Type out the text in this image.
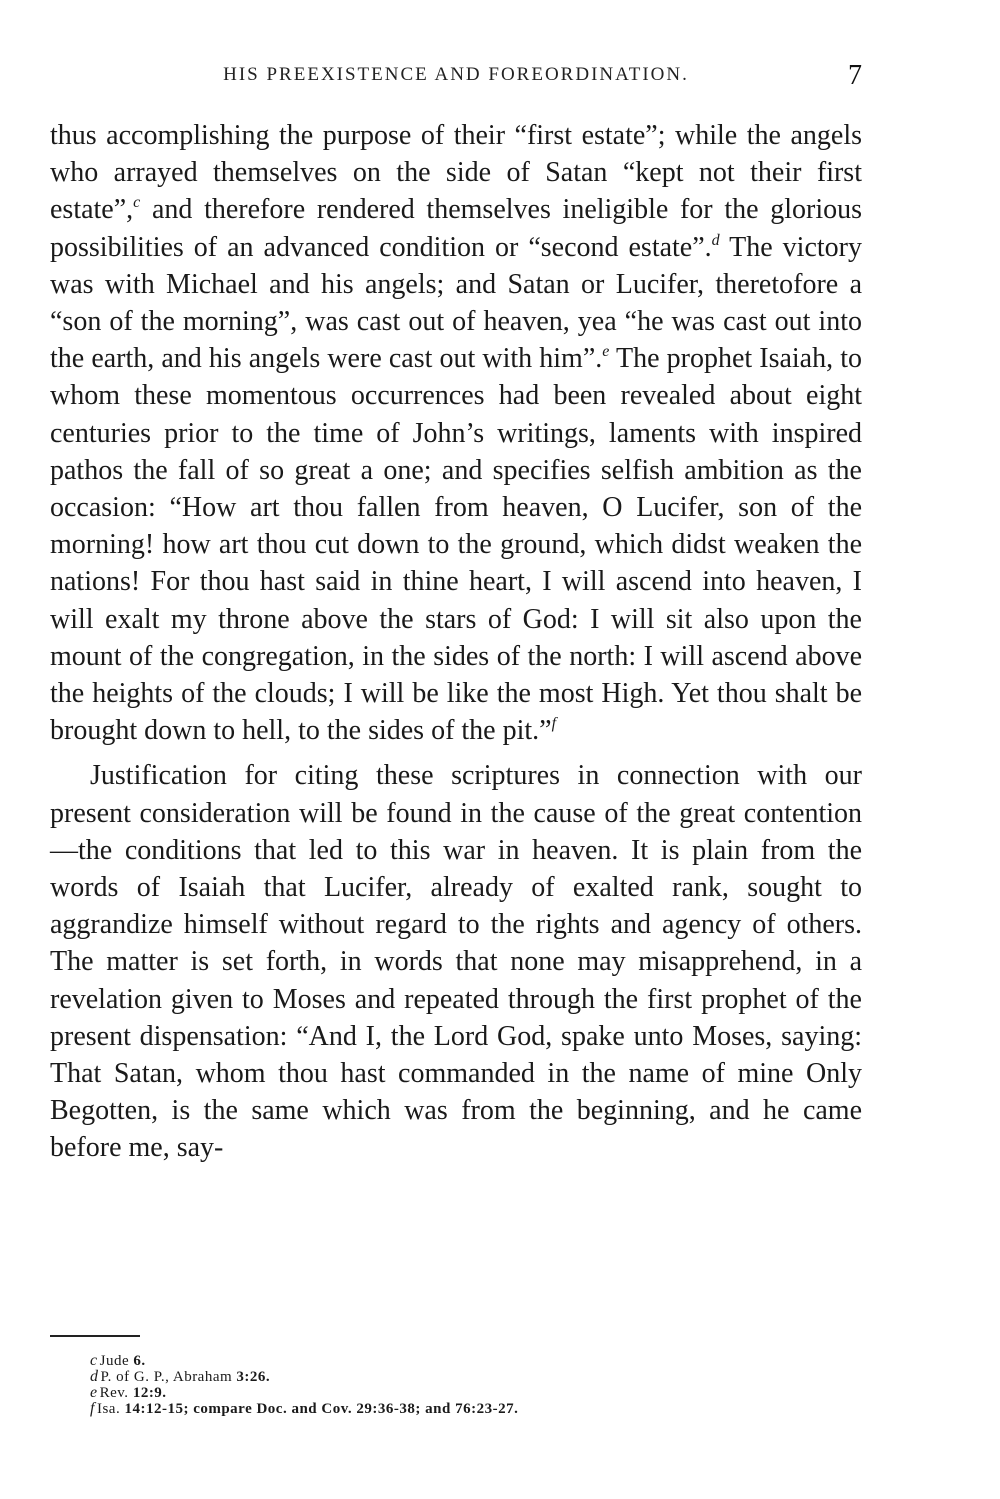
HIS PREEXISTENCE AND FOREORDINATION.	7

thus accomplishing the purpose of their “first estate”; while the angels who arrayed themselves on the side of Satan “kept not their first estate”,$^c$ and therefore rendered themselves ineligible for the glorious possibilities of an advanced condition or “second estate”.$^d$ The victory was with Michael and his angels; and Satan or Lucifer, theretofore a “son of the morning”, was cast out of heaven, yea “he was cast out into the earth, and his angels were cast out with him”.$^e$ The prophet Isaiah, to whom these momentous occurrences had been revealed about eight centuries prior to the time of John’s writings, laments with inspired pathos the fall of so great a one; and specifies selfish ambition as the occasion: “How art thou fallen from heaven, O Lucifer, son of the morning! how art thou cut down to the ground, which didst weaken the nations! For thou hast said in thine heart, I will ascend into heaven, I will exalt my throne above the stars of God: I will sit also upon the mount of the congregation, in the sides of the north: I will ascend above the heights of the clouds; I will be like the most High. Yet thou shalt be brought down to hell, to the sides of the pit.”$^f$

Justification for citing these scriptures in connection with our present consideration will be found in the cause of the great contention—the conditions that led to this war in heaven. It is plain from the words of Isaiah that Lucifer, already of exalted rank, sought to aggrandize himself without regard to the rights and agency of others. The matter is set forth, in words that none may misapprehend, in a revelation given to Moses and repeated through the first prophet of the present dispensation: “And I, the Lord God, spake unto Moses, saying: That Satan, whom thou hast commanded in the name of mine Only Begotten, is the same which was from the beginning, and he came before me, say-

c Jude 6.
d P. of G. P., Abraham 3:26.
e Rev. 12:9.
f Isa. 14:12-15; compare Doc. and Cov. 29:36-38; and 76:23-27.
